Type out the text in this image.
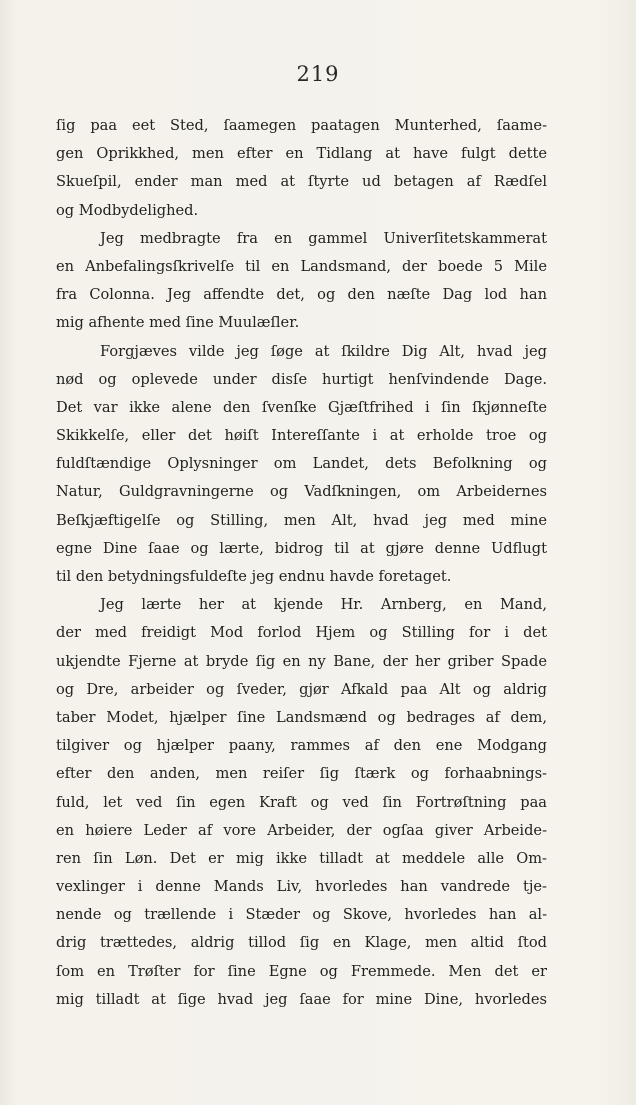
219
ſig paa eet Sted, ſaamegen paatagen Munterhed, ſaame-
gen Oprikkhed, men efter en Tidlang at have fulgt dette
Skueſpil, ender man med at ſtyrte ud betagen af Rædſel
og Modbydelighed.
Jeg medbragte fra en gammel Univerſitetskammerat
en Anbefalingsſkrivelſe til en Landsmand, der boede 5 Mile
fra Colonna. Jeg affendte det, og den næſte Dag lod han
mig afhente med ſine Muulæſler.
Forgjæves vilde jeg ſøge at ſkildre Dig Alt, hvad jeg
nød og oplevede under disſe hurtigt henſvindende Dage.
Det var ikke alene den ſvenſke Gjæſtfrihed i ſin ſkjønneſte
Skikkelſe, eller det høiſt Intereſſante i at erholde troe og
fuldſtændige Oplysninger om Landet, dets Befolkning og
Natur, Guldgravningerne og Vadſkningen, om Arbeidernes
Beſkjæftigelſe og Stilling, men Alt, hvad jeg med mine
egne Dine ſaae og lærte, bidrog til at gjøre denne Udflugt
til den betydningsfuldeſte jeg endnu havde foretaget.
Jeg lærte her at kjende Hr. Arnberg, en Mand,
der med freidigt Mod forlod Hjem og Stilling for i det
ukjendte Fjerne at bryde ſig en ny Bane, der her griber Spade
og Dre, arbeider og ſveder, gjør Afkald paa Alt og aldrig
taber Modet, hjælper ſine Landsmænd og bedrages af dem,
tilgiver og hjælper paany, rammes af den ene Modgang
efter den anden, men reiſer ſig ſtærk og forhaabnings-
fuld, let ved ſin egen Kraft og ved ſin Fortrøſtning paa
en høiere Leder af vore Arbeider, der ogſaa giver Arbeide-
ren ſin Løn. Det er mig ikke tilladt at meddele alle Om-
vexlinger i denne Mands Liv, hvorledes han vandrede tje-
nende og trællende i Stæder og Skove, hvorledes han al-
drig trættedes, aldrig tillod ſig en Klage, men altid ſtod
ſom en Trøſter for ſine Egne og Fremmede. Men det er
mig tilladt at ſige hvad jeg ſaae for mine Dine, hvorledes
